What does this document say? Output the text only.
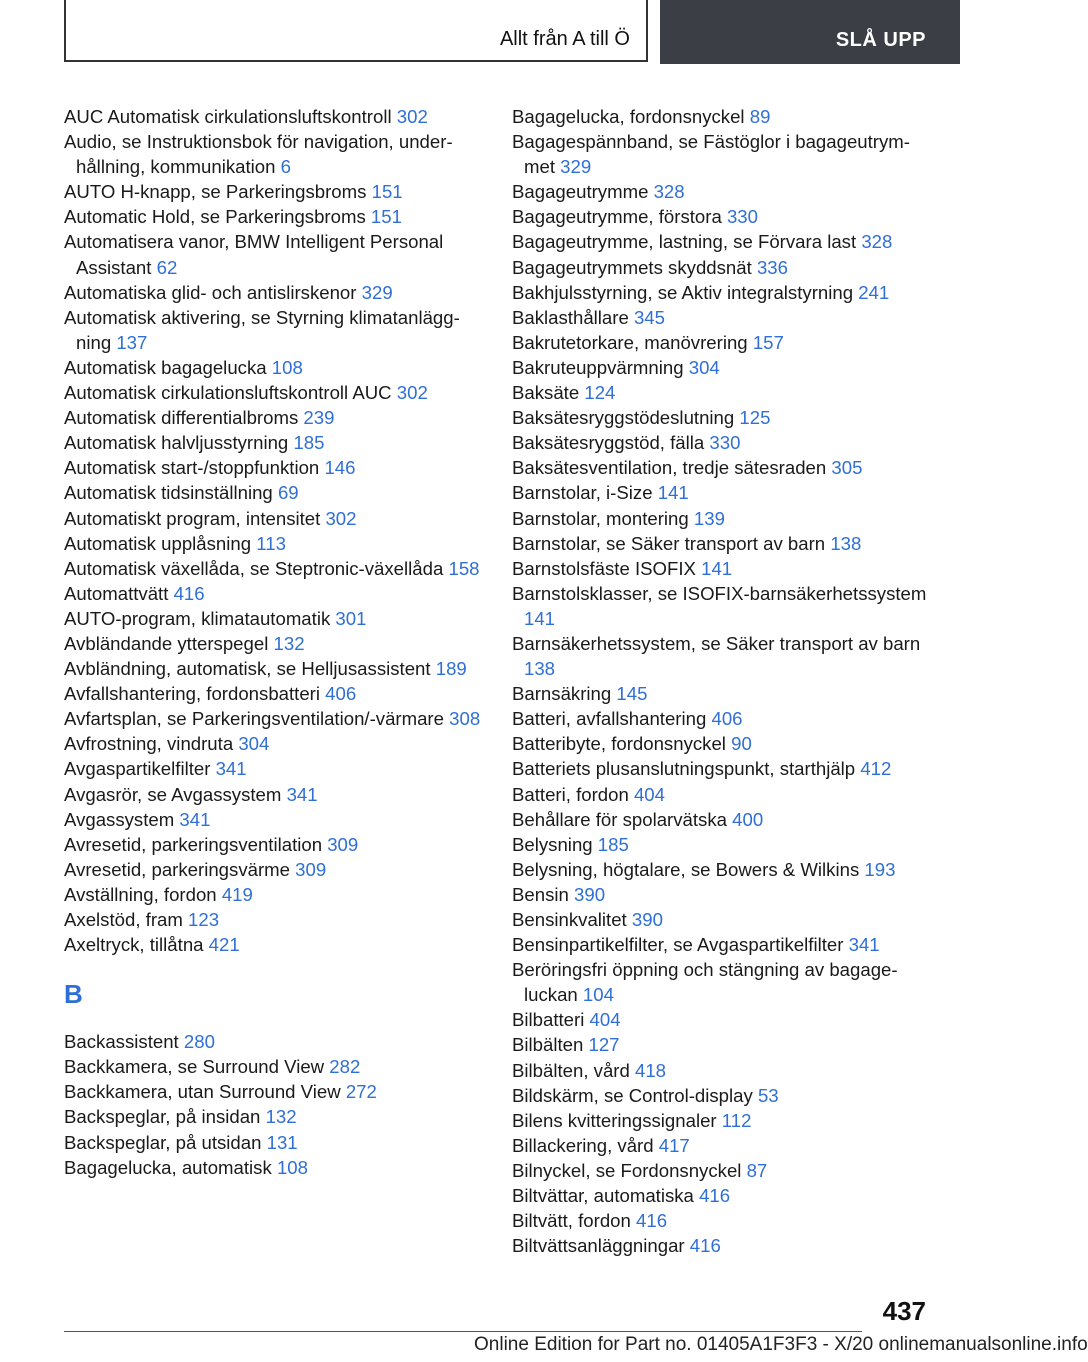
Allt från A till Ö	SLÅ UPP

AUC Automatisk cirkulationsluftskontroll 302

Audio, se Instruktionsbok för navigation, underhållning, kommunikation 6

AUTO H-knapp, se Parkeringsbroms 151

Automatic Hold, se Parkeringsbroms 151

Automatisera vanor, BMW Intelligent Personal Assistant 62

Automatiska glid- och antislirskenor 329

Automatisk aktivering, se Styrning klimatanläggning 137

Automatisk bagagelucka 108

Automatisk cirkulationsluftskontroll AUC 302

Automatisk differentialbroms 239

Automatisk halvljusstyrning 185

Automatisk start-/stoppfunktion 146

Automatisk tidsinställning 69

Automatiskt program, intensitet 302

Automatisk upplåsning 113

Automatisk växellåda, se Steptronic-växellåda 158

Automattvätt 416

AUTO-program, klimatautomatik 301

Avbländande ytterspegel 132

Avbländning, automatisk, se Helljusassistent 189

Avfallshantering, fordonsbatteri 406

Avfartsplan, se Parkeringsventilation/-värmare 308

Avfrostning, vindruta 304

Avgaspartikelfilter 341

Avgasrör, se Avgassystem 341

Avgassystem 341

Avresetid, parkeringsventilation 309

Avresetid, parkeringsvärme 309

Avställning, fordon 419

Axelstöd, fram 123

Axeltryck, tillåtna 421

B

Backassistent 280

Backkamera, se Surround View 282

Backkamera, utan Surround View 272

Backspeglar, på insidan 132

Backspeglar, på utsidan 131

Bagagelucka, automatisk 108

Bagagelucka, fordonsnyckel 89

Bagagespännband, se Fästöglor i bagageutrymmet 329

Bagageutrymme 328

Bagageutrymme, förstora 330

Bagageutrymme, lastning, se Förvara last 328

Bagageutrymmets skyddsnät 336

Bakhjulsstyrning, se Aktiv integralstyrning 241

Baklasthållare 345

Bakrutetorkare, manövrering 157

Bakruteuppvärmning 304

Baksäte 124

Baksätesryggstödeslutning 125

Baksätesryggstöd, fälla 330

Baksätesventilation, tredje sätesraden 305

Barnstolar, i-Size 141

Barnstolar, montering 139

Barnstolar, se Säker transport av barn 138

Barnstolsfäste ISOFIX 141

Barnstolsklasser, se ISOFIX-barnsäkerhetssystem 141

Barnsäkerhetssystem, se Säker transport av barn 138

Barnsäkring 145

Batteri, avfallshantering 406

Batteribyte, fordonsnyckel 90

Batteriets plusanslutningspunkt, starthjälp 412

Batteri, fordon 404

Behållare för spolarvätska 400

Belysning 185

Belysning, högtalare, se Bowers & Wilkins 193

Bensin 390

Bensinkvalitet 390

Bensinpartikelfilter, se Avgaspartikelfilter 341

Beröringsfri öppning och stängning av bagageluckan 104

Bilbatteri 404

Bilbälten 127

Bilbälten, vård 418

Bildskärm, se Control-display 53

Bilens kvitteringssignaler 112

Billackering, vård 417

Bilnyckel, se Fordonsnyckel 87

Biltvättar, automatiska 416

Biltvätt, fordon 416

Biltvättsanläggningar 416

437
Online Edition for Part no. 01405A1F3F3 - X/20 onlinemanualsonline.info
